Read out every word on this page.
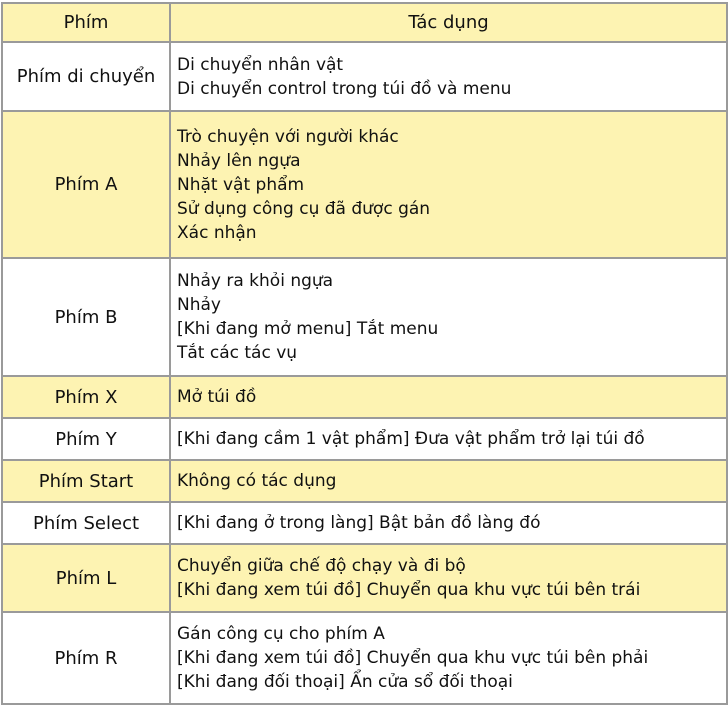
Phím	Tác dụng
Phím di chuyển	Di chuyển nhân vật
Di chuyển control trong túi đồ và menu

Phím A	Trò chuyện với người khác
Nhảy lên ngựa
Nhặt vật phẩm
Sử dụng công cụ đã được gán
Xác nhận

Phím B	Nhảy ra khỏi ngựa
Nhảy
[Khi đang mở menu] Tắt menu
Tắt các tác vụ

Phím X	Mở túi đồ

Phím Y	[Khi đang cầm 1 vật phẩm] Đưa vật phẩm trở lại túi đồ

Phím Start	Không có tác dụng

Phím Select	[Khi đang ở trong làng] Bật bản đồ làng đó

Phím L	Chuyển giữa chế độ chạy và đi bộ
[Khi đang xem túi đồ] Chuyển qua khu vực túi bên trái

Phím R	Gán công cụ cho phím A
[Khi đang xem túi đồ] Chuyển qua khu vực túi bên phải
[Khi đang đối thoại] Ẩn cửa sổ đối thoại
